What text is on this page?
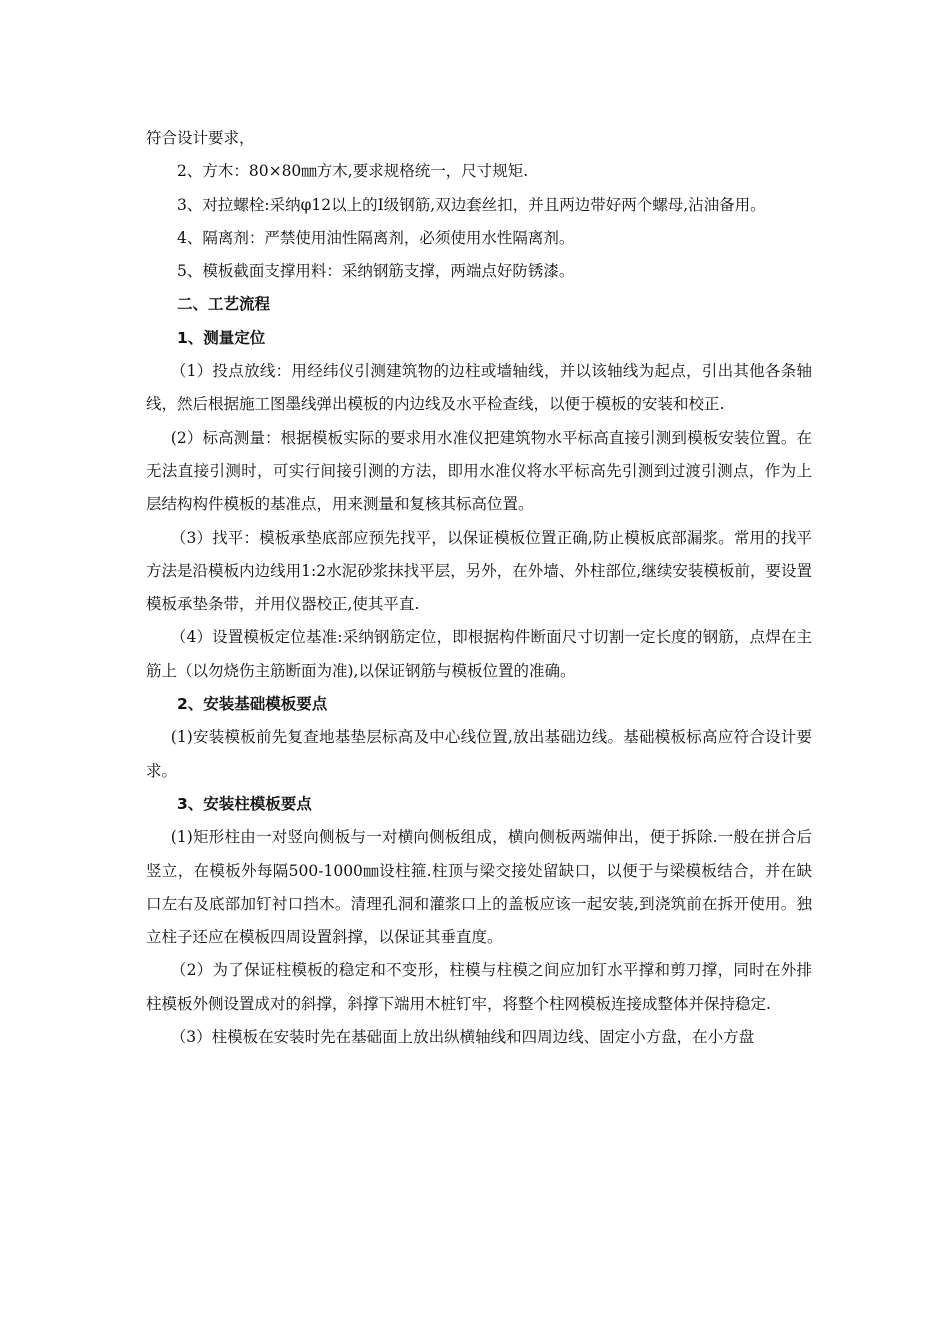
符合设计要求，

2、方木：80×80㎜方木,要求规格统一，尺寸规矩.

3、对拉螺栓:采纳φ12以上的Ⅰ级钢筋,双边套丝扣，并且两边带好两个螺母,沾油备用。

4、隔离剂：严禁使用油性隔离剂，必须使用水性隔离剂。

5、模板截面支撑用料：采纳钢筋支撑，两端点好防锈漆。

二、工艺流程

1、测量定位

（1）投点放线：用经纬仪引测建筑物的边柱或墙轴线，并以该轴线为起点，引出其他各条轴线，然后根据施工图墨线弹出模板的内边线及水平检查线，以便于模板的安装和校正.

(2）标高测量：根据模板实际的要求用水准仪把建筑物水平标高直接引测到模板安装位置。在无法直接引测时，可实行间接引测的方法，即用水准仪将水平标高先引测到过渡引测点，作为上层结构构件模板的基准点，用来测量和复核其标高位置。

（3）找平：模板承垫底部应预先找平，以保证模板位置正确,防止模板底部漏浆。常用的找平方法是沿模板内边线用1:2水泥砂浆抹找平层，另外，在外墙、外柱部位,继续安装模板前，要设置模板承垫条带，并用仪器校正,使其平直.

（4）设置模板定位基准:采纳钢筋定位，即根据构件断面尺寸切割一定长度的钢筋，点焊在主筋上（以勿烧伤主筋断面为准),以保证钢筋与模板位置的准确。

2、安装基础模板要点

(1)安装模板前先复查地基垫层标高及中心线位置,放出基础边线。基础模板标高应符合设计要求。

3、安装柱模板要点

(1)矩形柱由一对竖向侧板与一对横向侧板组成，横向侧板两端伸出，便于拆除.一般在拼合后竖立，在模板外每隔500-1000㎜设柱箍.柱顶与梁交接处留缺口，以便于与梁模板结合，并在缺口左右及底部加钉衬口挡木。清理孔洞和灌浆口上的盖板应该一起安装,到浇筑前在拆开使用。独立柱子还应在模板四周设置斜撑，以保证其垂直度。

（2）为了保证柱模板的稳定和不变形，柱模与柱模之间应加钉水平撑和剪刀撑，同时在外排柱模板外侧设置成对的斜撑，斜撑下端用木桩钉牢，将整个柱网模板连接成整体并保持稳定.

（3）柱模板在安装时先在基础面上放出纵横轴线和四周边线、固定小方盘，在小方盘
